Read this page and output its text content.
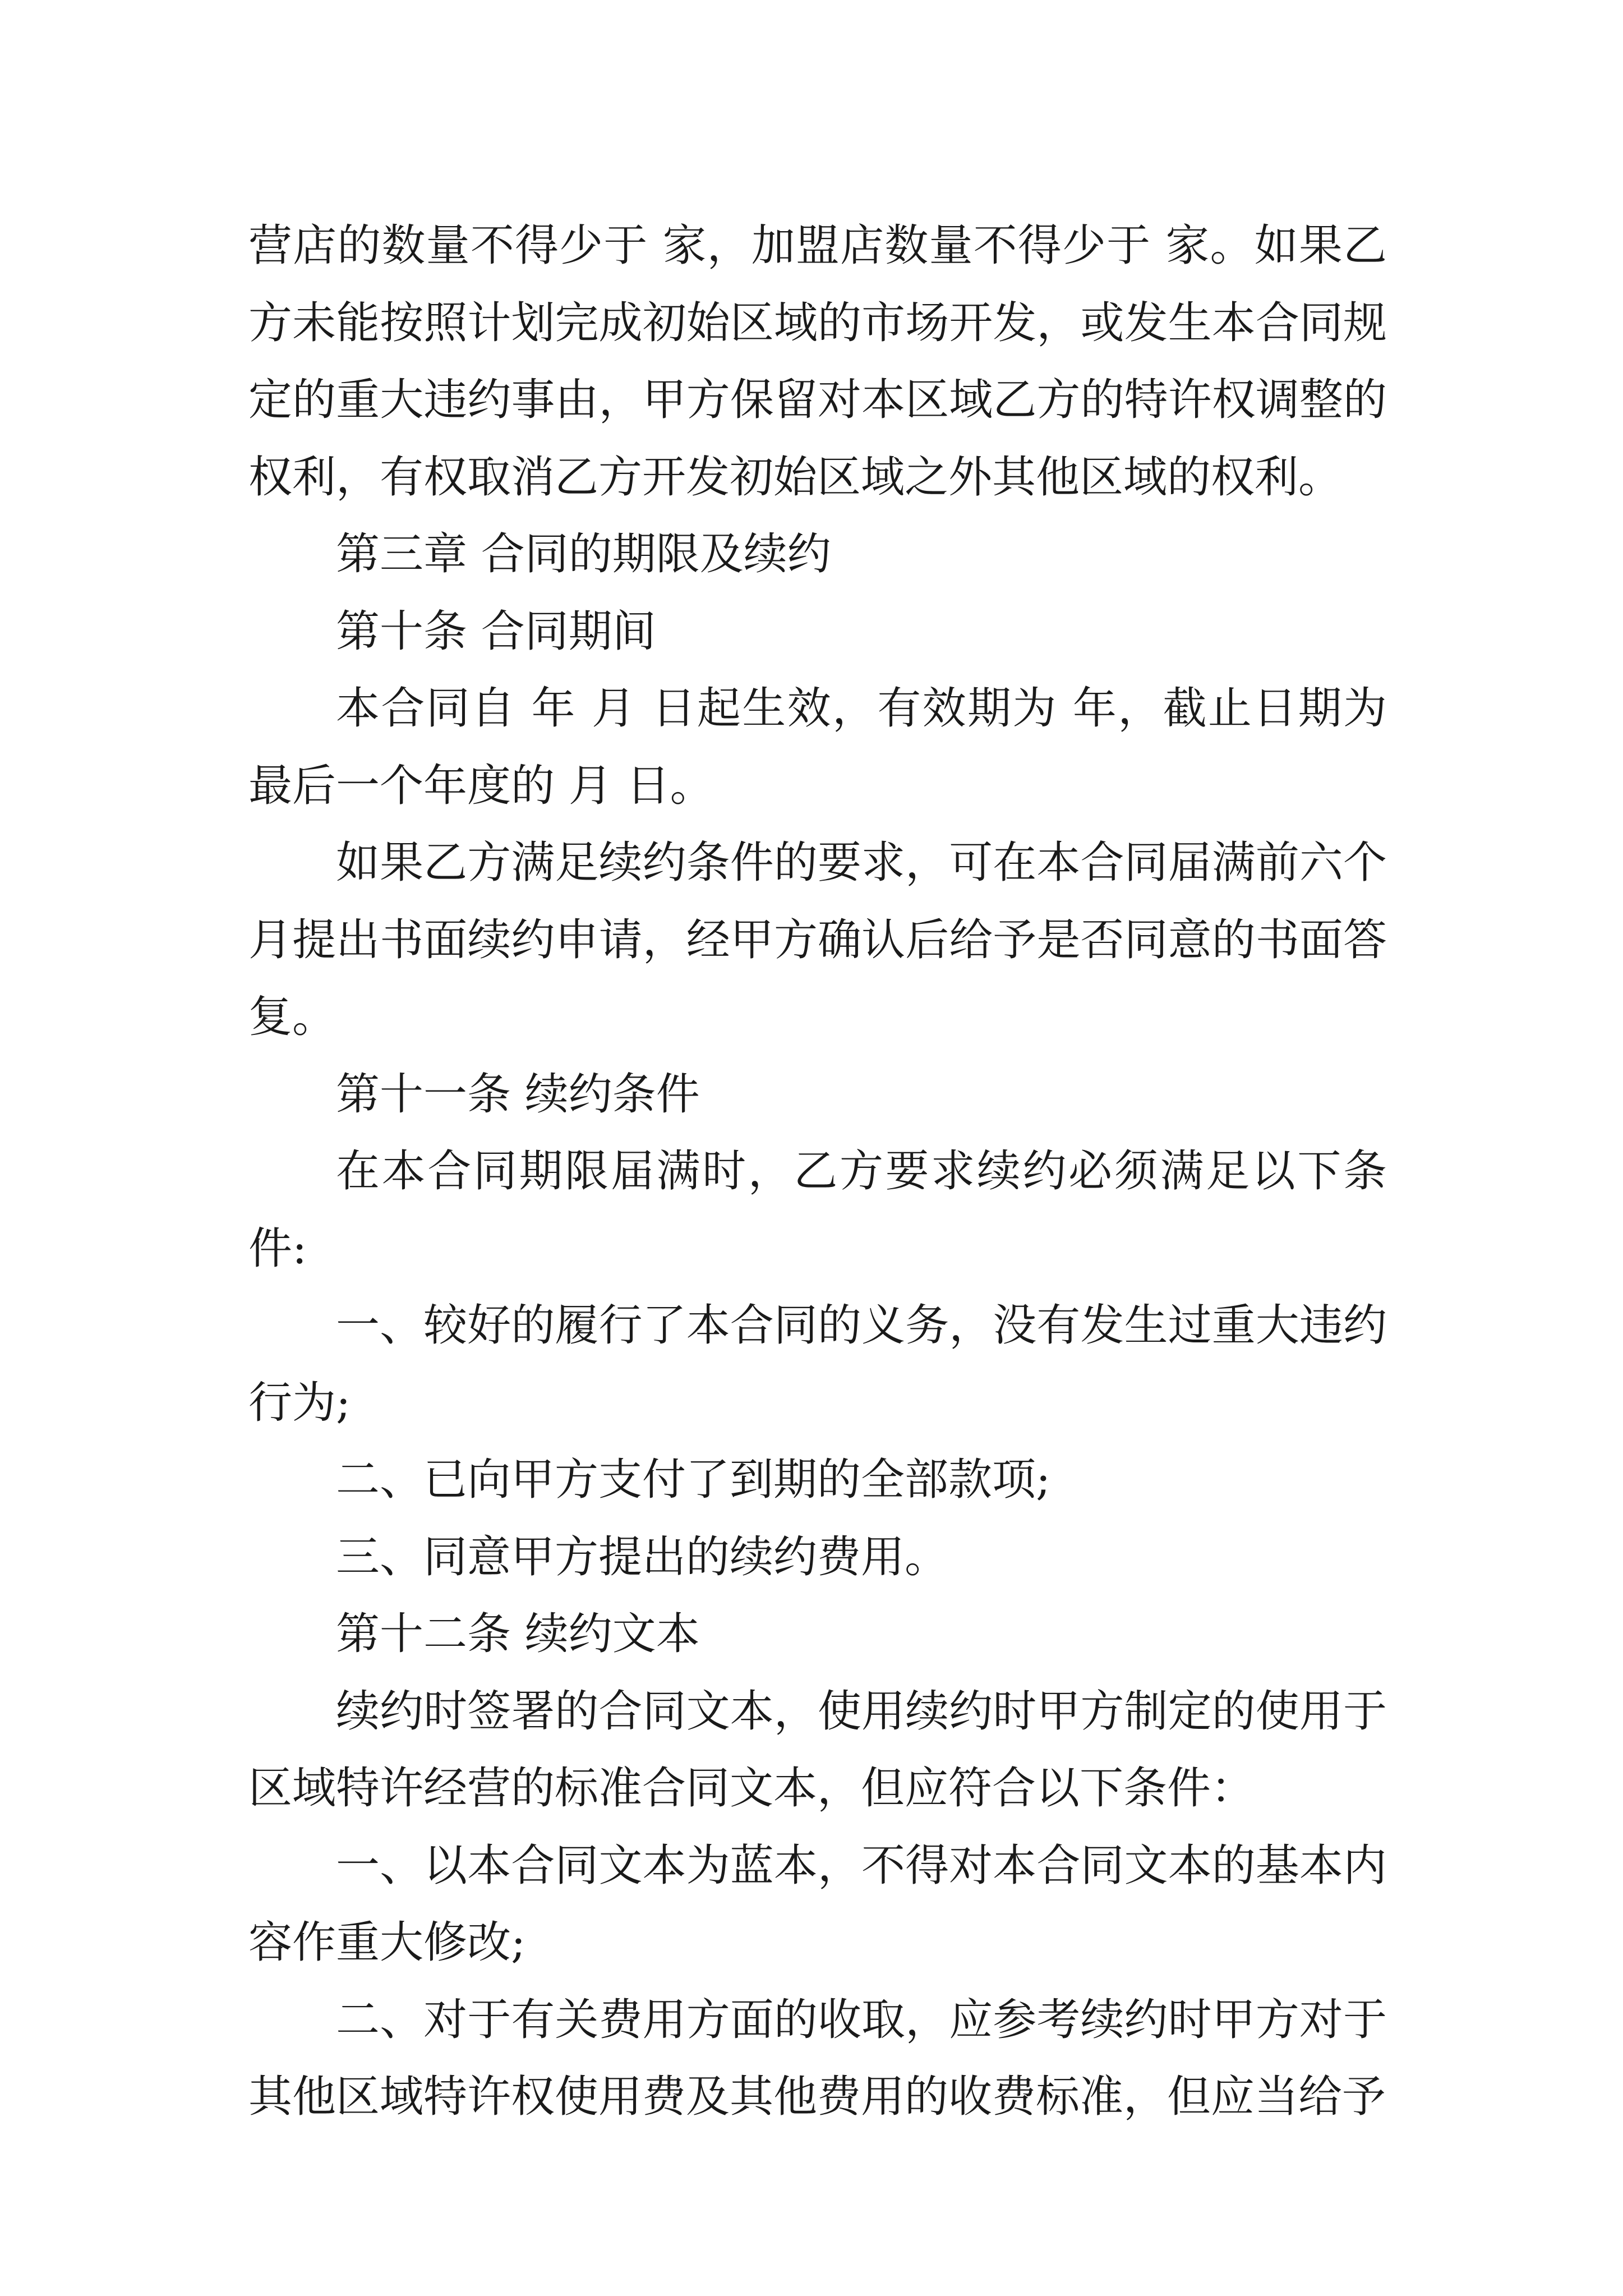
营店的数量不得少于 家，加盟店数量不得少于 家。如果乙方未能按照计划完成初始区域的市场开发，或发生本合同规定的重大违约事由，甲方保留对本区域乙方的特许权调整的权利，有权取消乙方开发初始区域之外其他区域的权利。

第三章 合同的期限及续约

第十条 合同期间

本合同自 年 月 日起生效，有效期为 年，截止日期为最后一个年度的 月 日。

如果乙方满足续约条件的要求，可在本合同届满前六个月提出书面续约申请，经甲方确认后给予是否同意的书面答复。

第十一条 续约条件

在本合同期限届满时，乙方要求续约必须满足以下条件:

一、较好的履行了本合同的义务，没有发生过重大违约行为;

二、已向甲方支付了到期的全部款项;

三、同意甲方提出的续约费用。

第十二条 续约文本

续约时签署的合同文本，使用续约时甲方制定的使用于区域特许经营的标准合同文本，但应符合以下条件：

一、以本合同文本为蓝本，不得对本合同文本的基本内容作重大修改;

二、对于有关费用方面的收取，应参考续约时甲方对于其他区域特许权使用费及其他费用的收费标准，但应当给予
